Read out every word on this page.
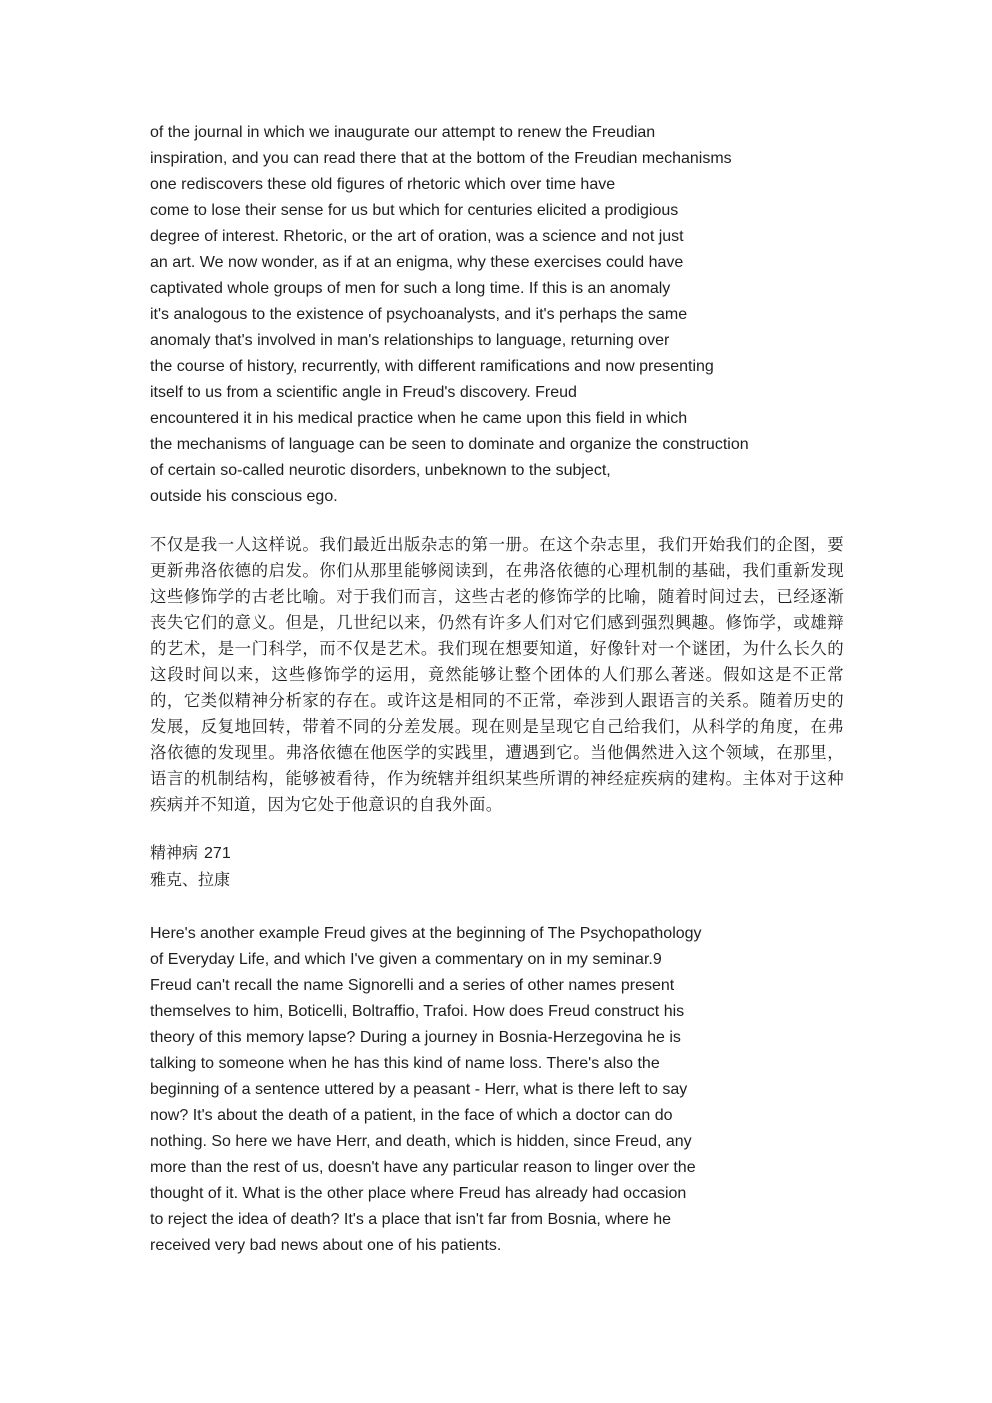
of the journal in which we inaugurate our attempt to renew the Freudian
inspiration, and you can read there that at the bottom of the Freudian mechanisms
one rediscovers these old figures of rhetoric which over time have
come to lose their sense for us but which for centuries elicited a prodigious
degree of interest. Rhetoric, or the art of oration, was a science and not just
an art. We now wonder, as if at an enigma, why these exercises could have
captivated whole groups of men for such a long time. If this is an anomaly
it's analogous to the existence of psychoanalysts, and it's perhaps the same
anomaly that's involved in man's relationships to language, returning over
the course of history, recurrently, with different ramifications and now presenting
itself to us from a scientific angle in Freud's discovery. Freud
encountered it in his medical practice when he came upon this field in which
the mechanisms of language can be seen to dominate and organize the construction
of certain so-called neurotic disorders, unbeknown to the subject,
outside his conscious ego.
不仅是我一人这样说。我们最近出版杂志的第一册。在这个杂志里，我们开始我们的企图，要更新弗洛依德的启发。你们从那里能够阅读到，在弗洛依德的心理机制的基础，我们重新发现这些修饰学的古老比喻。对于我们而言，这些古老的修饰学的比喻，随着时间过去，已经逐渐丧失它们的意义。但是，几世纪以来，仍然有许多人们对它们感到强烈興趣。修饰学，或雄辩的艺术，是一门科学，而不仅是艺术。我们现在想要知道，好像针对一个谜团，为什么长久的这段时间以来，这些修饰学的运用，竟然能够让整个团体的人们那么著迷。假如这是不正常的，它类似精神分析家的存在。或许这是相同的不正常，牵涉到人跟语言的关系。随着历史的发展，反复地回转，带着不同的分差发展。现在则是呈现它自己给我们，从科学的角度，在弗洛依德的发现里。弗洛依德在他医学的实践里，遭遇到它。当他偶然进入这个领域，在那里，语言的机制结构，能够被看待，作为统辖并组织某些所谓的神经症疾病的建构。主体对于这种疾病并不知道，因为它处于他意识的自我外面。
精神病 271
雅克、拉康
Here's another example Freud gives at the beginning of The Psychopathology
of Everyday Life, and which I've given a commentary on in my seminar.9
Freud can't recall the name Signorelli and a series of other names present
themselves to him, Boticelli, Boltraffio, Trafoi. How does Freud construct his
theory of this memory lapse? During a journey in Bosnia-Herzegovina he is
talking to someone when he has this kind of name loss. There's also the
beginning of a sentence uttered by a peasant - Herr, what is there left to say
now? It's about the death of a patient, in the face of which a doctor can do
nothing. So here we have Herr, and death, which is hidden, since Freud, any
more than the rest of us, doesn't have any particular reason to linger over the
thought of it. What is the other place where Freud has already had occasion
to reject the idea of death? It's a place that isn't far from Bosnia, where he
received very bad news about one of his patients.
